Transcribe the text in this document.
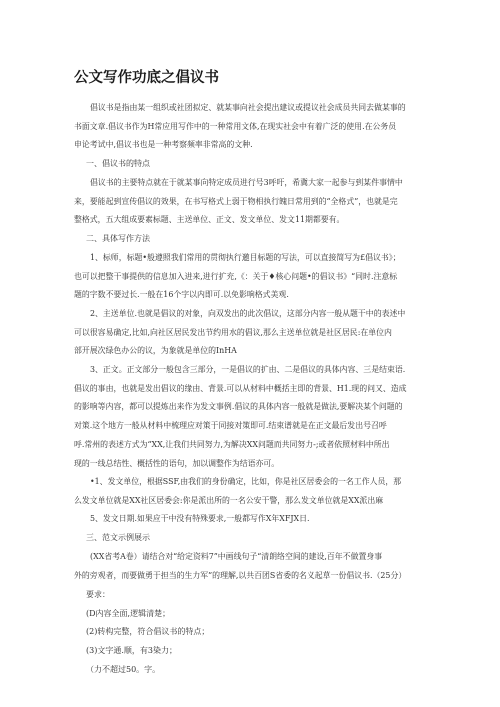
公文写作功底之倡议书
倡议书是指由某一组织或社团拟定、就某事向社会提出建议或提议社会成员共同去做某事的
书面文章.倡议书作为H常应用写作中的一种常用文体,在现实社会中有着广泛的使用.在公务员
申论考试中,倡议书也是一种考察频率非常高的文种.
一、倡议书的特点
倡议书的主要特点就在于就某事向特定成员进行号3呼吁，希冀大家一起参与到某件事情中
来，要能起到宣传倡议的效果，在书写格式上弱于物相执行魄日常用到的“全格式”，也就是完
整格式，五大组成要素标题、主送单位、正文、发文单位、发文11期都要有。
二、具体写作方法
1、标师，标题•般遵照我们常用的贯彻执行邀目标题的写法，可以直接简写为£倡议书》；
也可以把整干事提供的信息加入进来,进行扩充,《：关于♦核心问题•的倡议书》“同时.注意标
题的字数不要过长.一般在16个字以内即可.以免影响格式美观.
2、主送单位.也就是倡议的对象，向双发出的此次倡议，这部分内容一般从题干中的表述中
可以很容易确定,比如,向社区居民发出节约用水的倡议,那么主送单位就是社区居民:在单位内
部开展次绿色办公的议，为象就是单位的InHA
3、正文。正文部分一般包含三部分，一是倡议的扩由、二是倡议的具体内容、三是结束语.
倡议的事由，也就是发出倡议的缘由、背景.可以从材料中概括主即的背景、H1.现的问又、造成
的影响等内容，都可以提炼出来作为发文事例.倡议的具体内容一般就是做法,要解决某个问题的
对策.这个地方一般从材料中梳理应对策于同接对策即可.结束谱就是在正文最后发出号召呼
呼.常州的表述方式为“XX,让我们共同努力,为解决XX问题而共同努力-;或者依照材料中所出
现的一线总结性、概括性的语句，加以调整作为结语亦可。
•1、发文单位，根据SSF,由我们的身份确定，比如，你是社区居委会的一名工作人员，那
么发文单位就是XX社区居委会:你是派出所的一名公安干警，那么发文单位就是XX派出麻
5、发文日期.如果应干中没有特殊要求,一般都写作X年XFJX日.
三、范文示例展示
(XX省考A卷）请结合对“给定资料7”中画线句子“清朗络空间的建设,百年不做置身事
外的旁观者，而要做勇于担当的生力军”的理解,以共百团S省委的名义起草一份倡议书.（25分）
要求：
(D内容全面,逻辑清楚；
(2)转构完整，符合倡议书的特点；
(3)文字通.顺，有3染力；
（力不超过50。字。
